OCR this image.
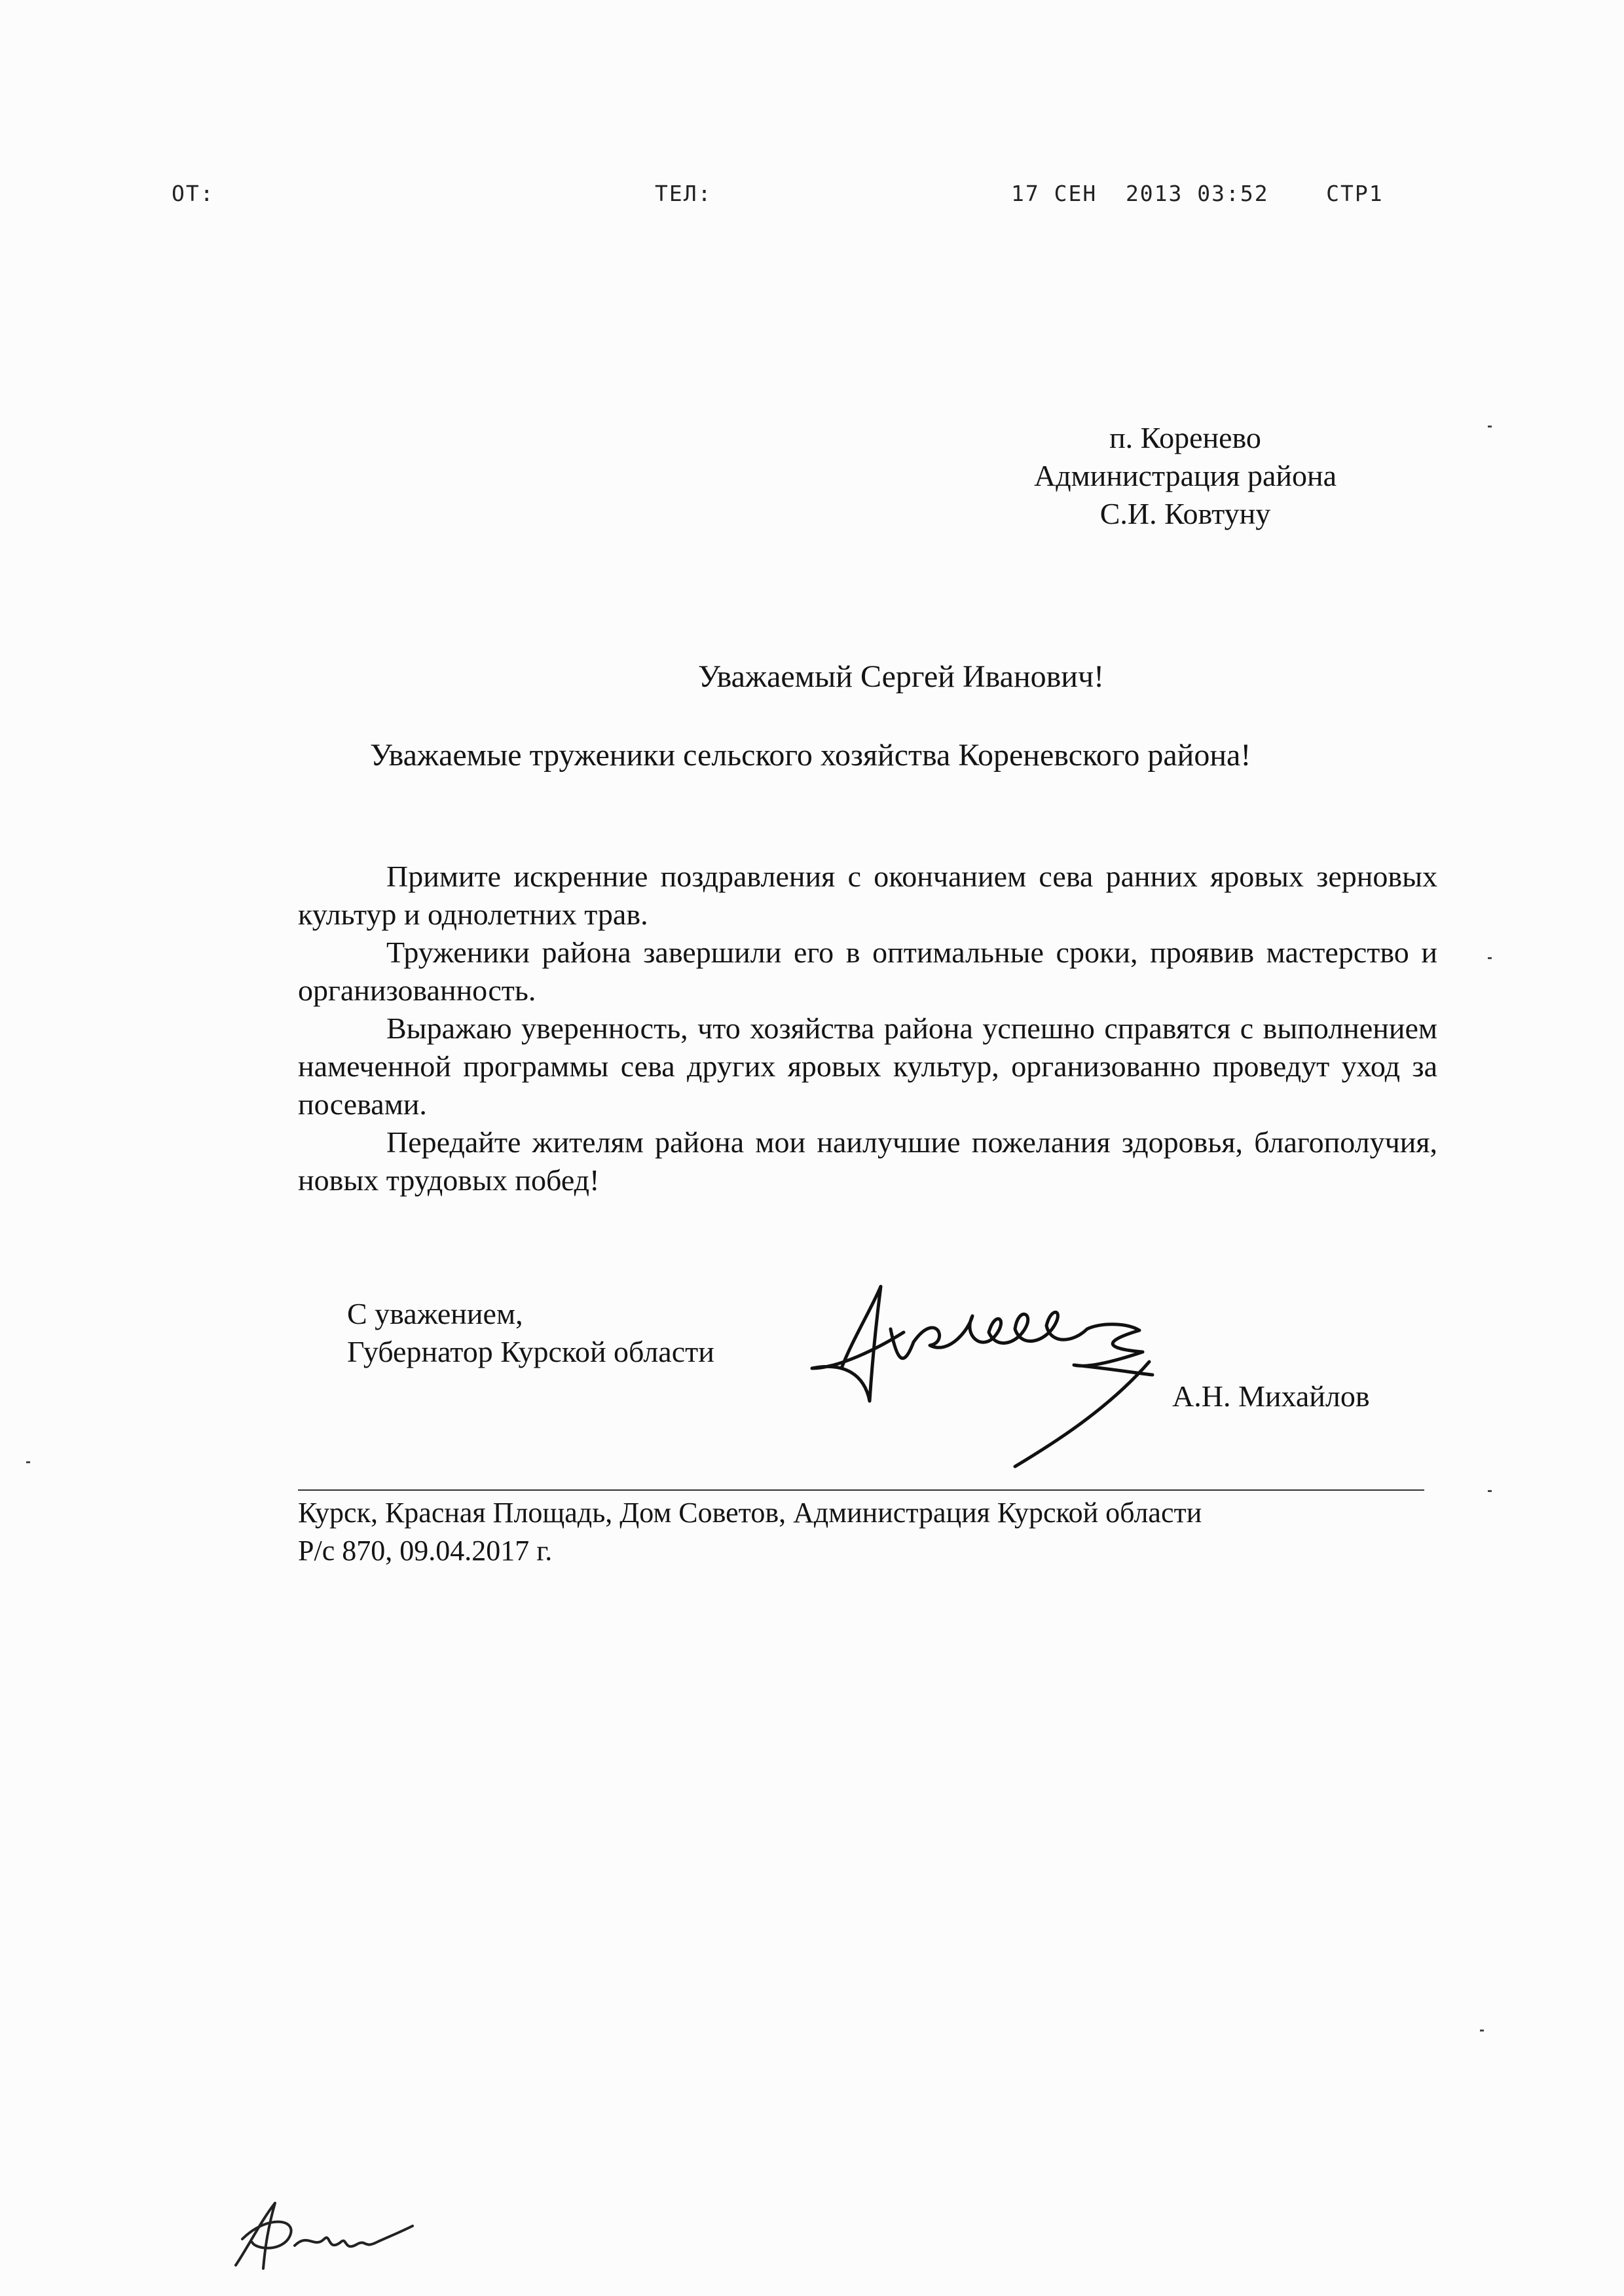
ОТ:	ТЕЛ:	17 СЕН  2013 03:52    СТР1
п. Коренево
Администрация района
С.И. Ковтуну
Уважаемый Сергей Иванович!
Уважаемые труженики сельского хозяйства Кореневского района!

Примите искренние поздравления с окончанием сева ранних яровых зерновых культур и однолетних трав.

Труженики района завершили его в оптимальные сроки, проявив мастерство и организованность.

Выражаю уверенность, что хозяйства района успешно справятся с выполнением намеченной программы сева других яровых культур, организованно проведут уход за посевами.

Передайте жителям района мои наилучшие пожелания здоровья, благополучия, новых трудовых побед!

С уважением,
Губернатор Курской области
А.Н. Михайлов
Курск, Красная Площадь, Дом Советов, Администрация Курской области
Р/с 870, 09.04.2017 г.
